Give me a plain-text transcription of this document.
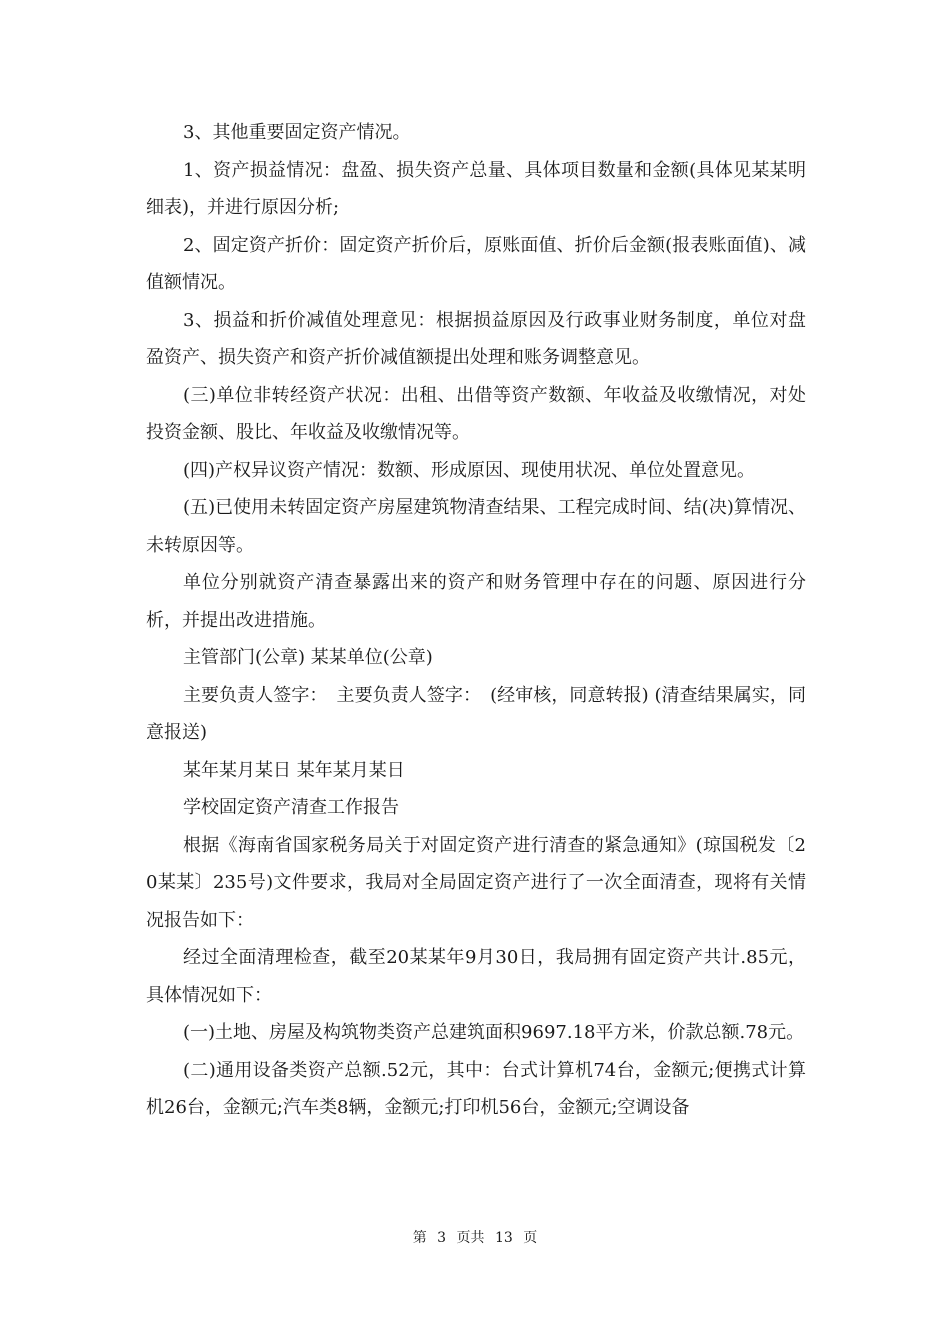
3、其他重要固定资产情况。

1、资产损益情况：盘盈、损失资产总量、具体项目数量和金额(具体见某某明细表)，并进行原因分析;

2、固定资产折价：固定资产折价后，原账面值、折价后金额(报表账面值)、减值额情况。

3、损益和折价减值处理意见：根据损益原因及行政事业财务制度，单位对盘盈资产、损失资产和资产折价减值额提出处理和账务调整意见。

(三)单位非转经资产状况：出租、出借等资产数额、年收益及收缴情况，对处投资金额、股比、年收益及收缴情况等。

(四)产权异议资产情况：数额、形成原因、现使用状况、单位处置意见。

(五)已使用未转固定资产房屋建筑物清查结果、工程完成时间、结(决)算情况、未转原因等。

单位分别就资产清查暴露出来的资产和财务管理中存在的问题、原因进行分析，并提出改进措施。

主管部门(公章) 某某单位(公章)

主要负责人签字：　主要负责人签字：　(经审核，同意转报) (清查结果属实，同意报送)

某年某月某日 某年某月某日

学校固定资产清查工作报告

根据《海南省国家税务局关于对固定资产进行清查的紧急通知》(琼国税发〔20某某〕235号)文件要求，我局对全局固定资产进行了一次全面清查，现将有关情况报告如下：

经过全面清理检查，截至20某某年9月30日，我局拥有固定资产共计.85元，具体情况如下：

(一)土地、房屋及构筑物类资产总建筑面积9697.18平方米，价款总额.78元。

(二)通用设备类资产总额.52元，其中：台式计算机74台，金额元;便携式计算机26台，金额元;汽车类8辆，金额元;打印机56台，金额元;空调设备

第 3 页共 13 页
